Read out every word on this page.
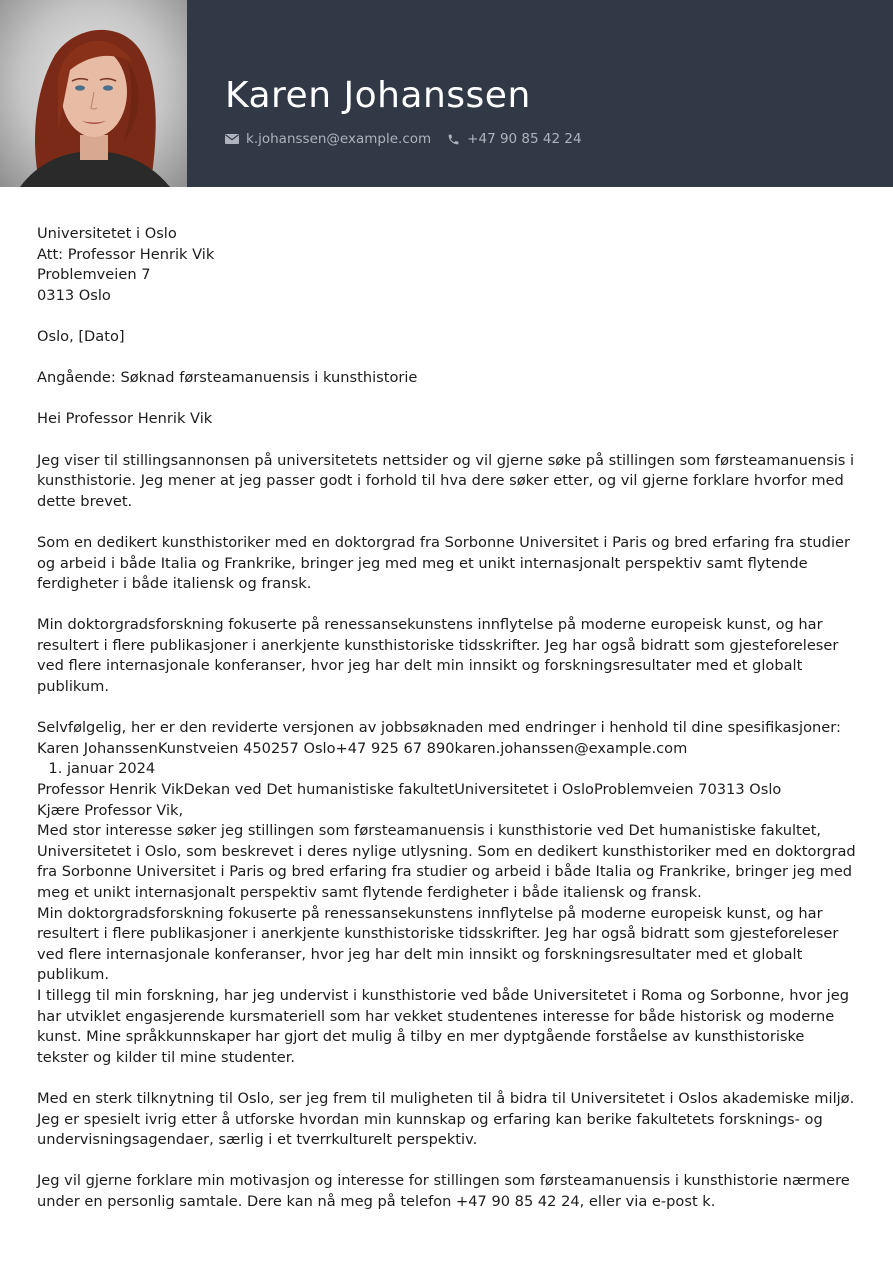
Karen Johanssen
k.johanssen@example.com	+47 90 85 42 24

Universitetet i Oslo
Att: Professor Henrik Vik
Problemveien 7
0313 Oslo

Oslo, [Dato]

Angående: Søknad førsteamanuensis i kunsthistorie

Hei Professor Henrik Vik

Jeg viser til stillingsannonsen på universitetets nettsider og vil gjerne søke på stillingen som førsteamanuensis i kunsthistorie. Jeg mener at jeg passer godt i forhold til hva dere søker etter, og vil gjerne forklare hvorfor med dette brevet.

Som en dedikert kunsthistoriker med en doktorgrad fra Sorbonne Universitet i Paris og bred erfaring fra studier og arbeid i både Italia og Frankrike, bringer jeg med meg et unikt internasjonalt perspektiv samt flytende ferdigheter i både italiensk og fransk.

Min doktorgradsforskning fokuserte på renessansekunstens innflytelse på moderne europeisk kunst, og har resultert i flere publikasjoner i anerkjente kunsthistoriske tidsskrifter. Jeg har også bidratt som gjesteforeleser ved flere internasjonale konferanser, hvor jeg har delt min innsikt og forskningsresultater med et globalt publikum.

Selvfølgelig, her er den reviderte versjonen av jobbsøknaden med endringer i henhold til dine spesifikasjoner:

Karen JohanssenKunstveien 450257 Oslo+47 925 67 890karen.johanssen@example.com

1. januar 2024

Professor Henrik VikDekan ved Det humanistiske fakultetUniversitetet i OsloProblemveien 70313 Oslo

Kjære Professor Vik,

Med stor interesse søker jeg stillingen som førsteamanuensis i kunsthistorie ved Det humanistiske fakultet, Universitetet i Oslo, som beskrevet i deres nylige utlysning. Som en dedikert kunsthistoriker med en doktorgrad fra Sorbonne Universitet i Paris og bred erfaring fra studier og arbeid i både Italia og Frankrike, bringer jeg med meg et unikt internasjonalt perspektiv samt flytende ferdigheter i både italiensk og fransk.

Min doktorgradsforskning fokuserte på renessansekunstens innflytelse på moderne europeisk kunst, og har resultert i flere publikasjoner i anerkjente kunsthistoriske tidsskrifter. Jeg har også bidratt som gjesteforeleser ved flere internasjonale konferanser, hvor jeg har delt min innsikt og forskningsresultater med et globalt publikum.

I tillegg til min forskning, har jeg undervist i kunsthistorie ved både Universitetet i Roma og Sorbonne, hvor jeg har utviklet engasjerende kursmateriell som har vekket studentenes interesse for både historisk og moderne kunst. Mine språkkunnskaper har gjort det mulig å tilby en mer dyptgående forståelse av kunsthistoriske tekster og kilder til mine studenter.

Med en sterk tilknytning til Oslo, ser jeg frem til muligheten til å bidra til Universitetet i Oslos akademiske miljø. Jeg er spesielt ivrig etter å utforske hvordan min kunnskap og erfaring kan berike fakultetets forsknings- og undervisningsagendaer, særlig i et tverrkulturelt perspektiv.

Jeg vil gjerne forklare min motivasjon og interesse for stillingen som førsteamanuensis i kunsthistorie nærmere under en personlig samtale. Dere kan nå meg på telefon +47 90 85 42 24, eller via e-post k.
